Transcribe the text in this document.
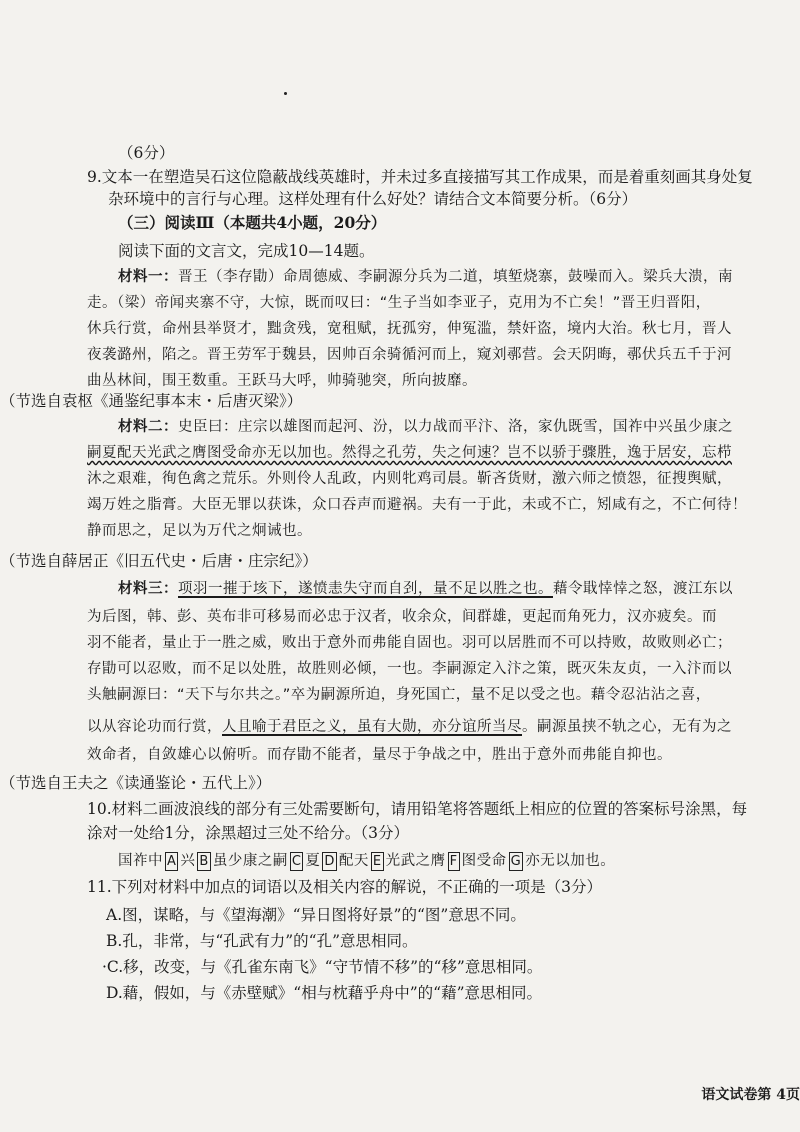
（6分）
9.文本一在塑造吴石这位隐蔽战线英雄时，并未过多直接描写其工作成果，而是着重刻画其身处复
杂环境中的言行与心理。这样处理有什么好处？请结合文本简要分析。（6分）
（三）阅读Ⅲ（本题共4小题，20分）
阅读下面的文言文，完成10—14题。
材料一：晋王（李存勖）命周德威、李嗣源分兵为二道，填堑烧寨，鼓噪而入。梁兵大溃，南
走。（梁）帝闻夹寨不守，大惊，既而叹曰：“生子当如李亚子，克用为不亡矣！”晋王归晋阳，
休兵行赏，命州县举贤才，黜贪残，宽租赋，抚孤穷，伸冤滥，禁奸盗，境内大治。秋七月，晋人
夜袭潞州，陷之。晋王劳军于魏县，因帅百余骑循河而上，窥刘鄩营。会天阴晦，鄩伏兵五千于河
曲丛林间，围王数重。王跃马大呼，帅骑驰突，所向披靡。
（节选自袁枢《通鉴纪事本末・后唐灭梁》）
材料二：史臣曰：庄宗以雄图而起河、汾，以力战而平汴、洛，家仇既雪，国祚中兴虽少康之
嗣夏配天光武之膺图受命亦无以加也。然得之孔劳，失之何速？岂不以骄于骤胜，逸于居安，忘栉
沐之艰难，徇色禽之荒乐。外则伶人乱政，内则牝鸡司晨。靳吝货财，激六师之愤怨，征搜舆赋，
竭万姓之脂膏。大臣无罪以获诛，众口吞声而避祸。夫有一于此，未或不亡，矧咸有之，不亡何待！
静而思之，足以为万代之炯诫也。
（节选自薛居正《旧五代史・后唐・庄宗纪》）
材料三：项羽一摧于垓下，遂愤恚失守而自刭，量不足以胜之也。藉令戢悻悻之怒，渡江东以
为后图，韩、彭、英布非可移易而必忠于汉者，收余众，间群雄，更起而角死力，汉亦疲矣。而
羽不能者，量止于一胜之威，败出于意外而弗能自固也。羽可以居胜而不可以持败，故败则必亡；
存勖可以忍败，而不足以处胜，故胜则必倾，一也。李嗣源定入汴之策，既灭朱友贞，一入汴而以
头触嗣源曰：“天下与尔共之。”卒为嗣源所迫，身死国亡，量不足以受之也。藉令忍沾沾之喜，
以从容论功而行赏，人且喻于君臣之义，虽有大勋，亦分谊所当尽。嗣源虽挟不轨之心，无有为之
效命者，自敛雄心以俯听。而存勖不能者，量尽于争战之中，胜出于意外而弗能自抑也。
（节选自王夫之《读通鉴论・五代上》）
10.材料二画波浪线的部分有三处需要断句，请用铅笔将答题纸上相应的位置的答案标号涂黑，每
涂对一处给1分，涂黑超过三处不给分。（3分）
国祚中 A 兴 B 虽少康之嗣 C 夏 D 配天 E 光武之膺 F 图受命 G 亦无以加也。
11.下列对材料中加点的词语以及相关内容的解说，不正确的一项是（3分）
A.图，谋略，与《望海潮》“异日图将好景”的“图”意思不同。
B.孔，非常，与“孔武有力”的“孔”意思相同。
·C.移，改变，与《孔雀东南飞》“守节情不移”的“移”意思相同。
D.藉，假如，与《赤壁赋》“相与枕藉乎舟中”的“藉”意思相同。
语文试卷第 4页
